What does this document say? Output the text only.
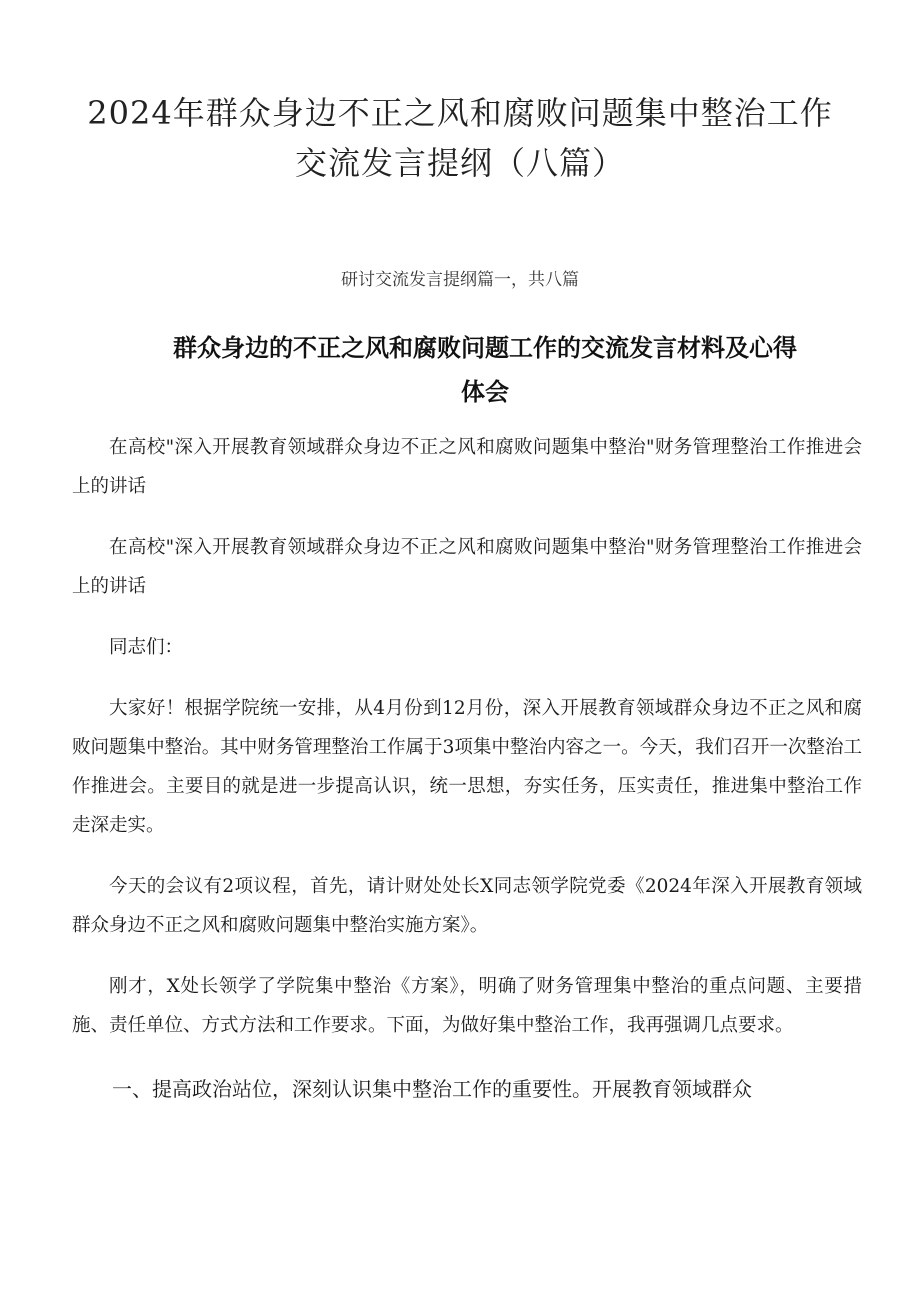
2024年群众身边不正之风和腐败问题集中整治工作
交流发言提纲（八篇）
研讨交流发言提纲篇一，共八篇
群众身边的不正之风和腐败问题工作的交流发言材料及心得
体会

在高校"深入开展教育领域群众身边不正之风和腐败问题集中整治"财务管理整治工作推进会上的讲话

在高校"深入开展教育领域群众身边不正之风和腐败问题集中整治"财务管理整治工作推进会上的讲话

同志们：

大家好！根据学院统一安排，从4月份到12月份，深入开展教育领域群众身边不正之风和腐败问题集中整治。其中财务管理整治工作属于3项集中整治内容之一。今天，我们召开一次整治工作推进会。主要目的就是进一步提高认识，统一思想，夯实任务，压实责任，推进集中整治工作走深走实。

今天的会议有2项议程，首先，请计财处处长X同志领学院党委《2024年深入开展教育领域群众身边不正之风和腐败问题集中整治实施方案》。

刚才，X处长领学了学院集中整治《方案》，明确了财务管理集中整治的重点问题、主要措施、责任单位、方式方法和工作要求。下面，为做好集中整治工作，我再强调几点要求。

一、提高政治站位，深刻认识集中整治工作的重要性。开展教育领域群众
